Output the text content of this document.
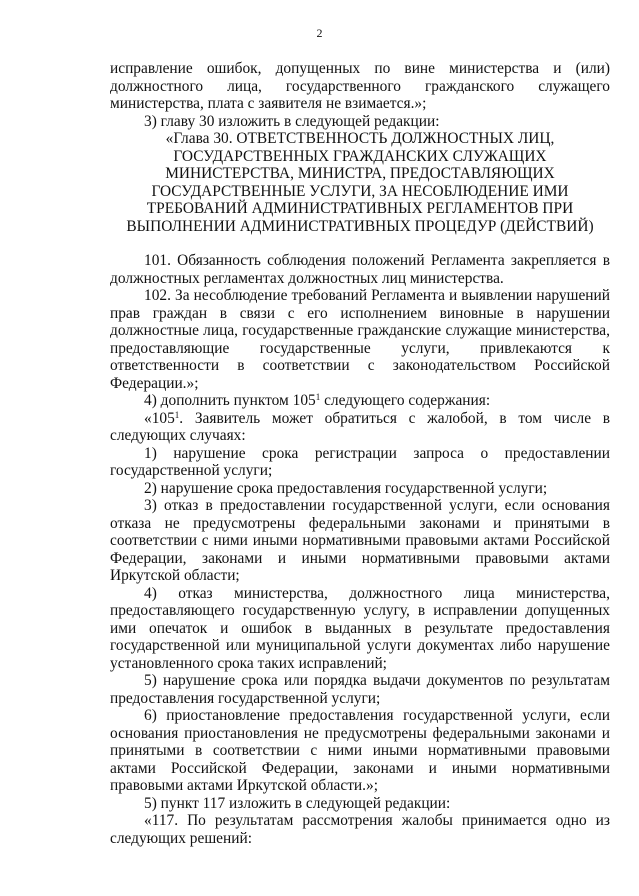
2

исправление ошибок, допущенных по вине министерства и (или) должностного лица, государственного гражданского служащего министерства, плата с заявителя не взимается.»;

3) главу 30 изложить в следующей редакции:

«Глава 30. ОТВЕТСТВЕННОСТЬ ДОЛЖНОСТНЫХ ЛИЦ, ГОСУДАРСТВЕННЫХ ГРАЖДАНСКИХ СЛУЖАЩИХ МИНИСТЕРСТВА, МИНИСТРА, ПРЕДОСТАВЛЯЮЩИХ ГОСУДАРСТВЕННЫЕ УСЛУГИ, ЗА НЕСОБЛЮДЕНИЕ ИМИ ТРЕБОВАНИЙ АДМИНИСТРАТИВНЫХ РЕГЛАМЕНТОВ ПРИ ВЫПОЛНЕНИИ АДМИНИСТРАТИВНЫХ ПРОЦЕДУР (ДЕЙСТВИЙ)

101. Обязанность соблюдения положений Регламента закрепляется в должностных регламентах должностных лиц министерства.

102. За несоблюдение требований Регламента и выявлении нарушений прав граждан в связи с его исполнением виновные в нарушении должностные лица, государственные гражданские служащие министерства, предоставляющие государственные услуги, привлекаются к ответственности в соответствии с законодательством Российской Федерации.»;

4) дополнить пунктом $105^1$ следующего содержания:

«$105^1$. Заявитель может обратиться с жалобой, в том числе в следующих случаях:

1) нарушение срока регистрации запроса о предоставлении государственной услуги;

2) нарушение срока предоставления государственной услуги;

3) отказ в предоставлении государственной услуги, если основания отказа не предусмотрены федеральными законами и принятыми в соответствии с ними иными нормативными правовыми актами Российской Федерации, законами и иными нормативными правовыми актами Иркутской области;

4) отказ министерства, должностного лица министерства, предоставляющего государственную услугу, в исправлении допущенных ими опечаток и ошибок в выданных в результате предоставления государственной или муниципальной услуги документах либо нарушение установленного срока таких исправлений;

5) нарушение срока или порядка выдачи документов по результатам предоставления государственной услуги;

6) приостановление предоставления государственной услуги, если основания приостановления не предусмотрены федеральными законами и принятыми в соответствии с ними иными нормативными правовыми актами Российской Федерации, законами и иными нормативными правовыми актами Иркутской области.»;

5) пункт 117 изложить в следующей редакции:

«117. По результатам рассмотрения жалобы принимается одно из следующих решений:
